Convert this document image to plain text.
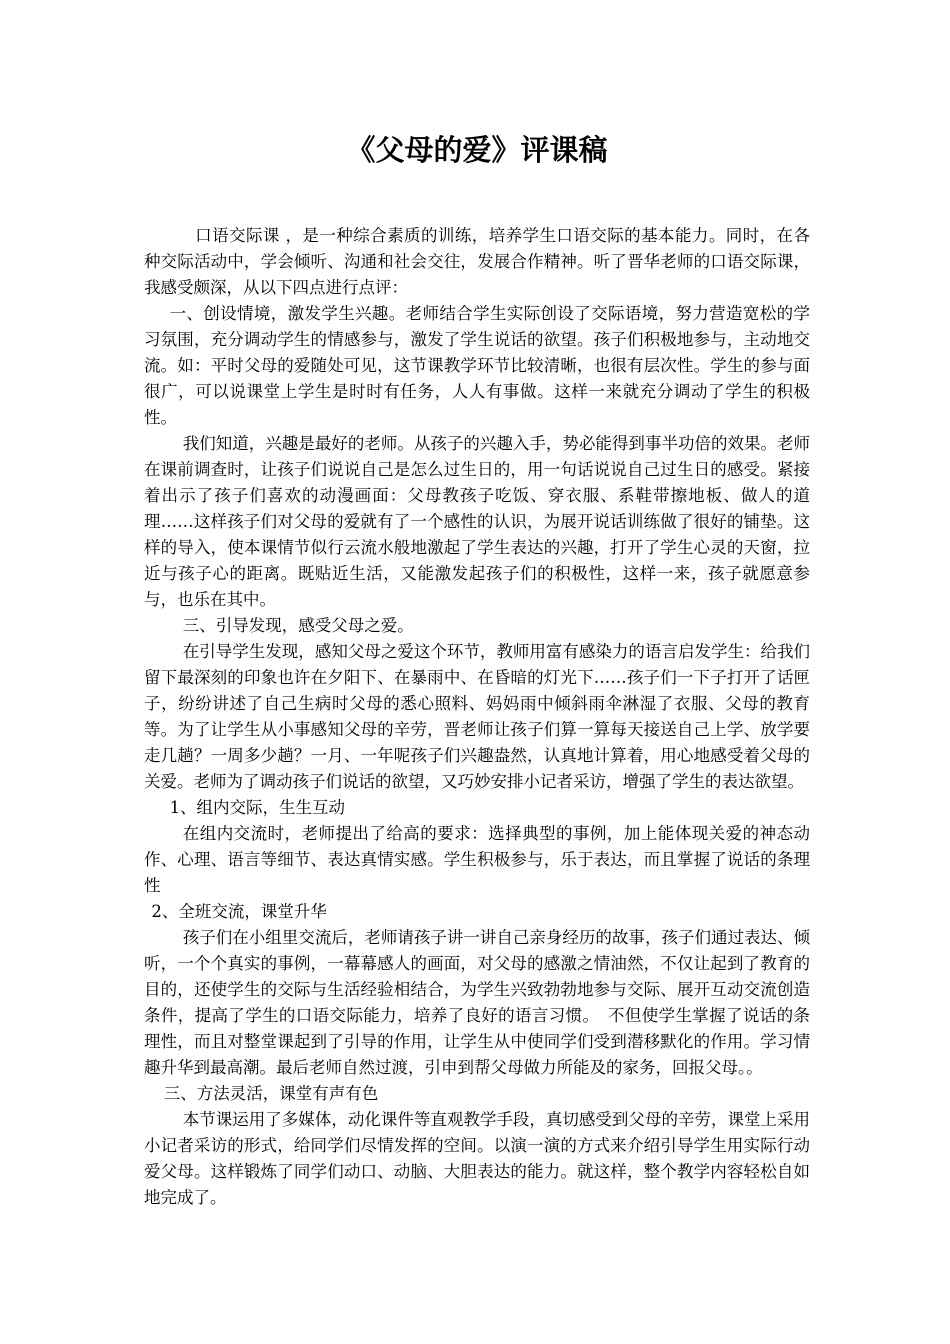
《父母的爱》评课稿

口语交际课 ，是一种综合素质的训练，培养学生口语交际的基本能力。同时，在各种交际活动中，学会倾听、沟通和社会交往，发展合作精神。听了晋华老师的口语交际课，我感受颇深，从以下四点进行点评：

一、创设情境，激发学生兴趣。老师结合学生实际创设了交际语境，努力营造宽松的学习氛围，充分调动学生的情感参与，激发了学生说话的欲望。孩子们积极地参与，主动地交流。如：平时父母的爱随处可见，这节课教学环节比较清晰，也很有层次性。学生的参与面很广，可以说课堂上学生是时时有任务，人人有事做。这样一来就充分调动了学生的积极性。

我们知道，兴趣是最好的老师。从孩子的兴趣入手，势必能得到事半功倍的效果。老师在课前调查时，让孩子们说说自己是怎么过生日的，用一句话说说自己过生日的感受。紧接着出示了孩子们喜欢的动漫画面：父母教孩子吃饭、穿衣服、系鞋带擦地板、做人的道理……这样孩子们对父母的爱就有了一个感性的认识，为展开说话训练做了很好的铺垫。这样的导入，使本课情节似行云流水般地激起了学生表达的兴趣，打开了学生心灵的天窗，拉近与孩子心的距离。既贴近生活，又能激发起孩子们的积极性，这样一来，孩子就愿意参与，也乐在其中。

三、引导发现，感受父母之爱。

在引导学生发现，感知父母之爱这个环节，教师用富有感染力的语言启发学生：给我们留下最深刻的印象也许在夕阳下、在暴雨中、在昏暗的灯光下……孩子们一下子打开了话匣子，纷纷讲述了自己生病时父母的悉心照料、妈妈雨中倾斜雨伞淋湿了衣服、父母的教育等。为了让学生从小事感知父母的辛劳，晋老师让孩子们算一算每天接送自己上学、放学要走几趟？一周多少趟？一月、一年呢孩子们兴趣盎然，认真地计算着，用心地感受着父母的关爱。老师为了调动孩子们说话的欲望，又巧妙安排小记者采访，增强了学生的表达欲望。

1、组内交际，生生互动

在组内交流时，老师提出了给高的要求：选择典型的事例，加上能体现关爱的神态动作、心理、语言等细节、表达真情实感。学生积极参与，乐于表达，而且掌握了说话的条理性

2、全班交流，课堂升华

孩子们在小组里交流后，老师请孩子讲一讲自己亲身经历的故事，孩子们通过表达、倾听，一个个真实的事例，一幕幕感人的画面，对父母的感激之情油然，不仅让起到了教育的目的，还使学生的交际与生活经验相结合，为学生兴致勃勃地参与交际、展开互动交流创造条件，提高了学生的口语交际能力，培养了良好的语言习惯。　不但使学生掌握了说话的条理性，而且对整堂课起到了引导的作用，让学生从中使同学们受到潜移默化的作用。学习情趣升华到最高潮。最后老师自然过渡，引申到帮父母做力所能及的家务，回报父母。。

三、方法灵活，课堂有声有色

本节课运用了多媒体，动化课件等直观教学手段，真切感受到父母的辛劳，课堂上采用小记者采访的形式，给同学们尽情发挥的空间。以演一演的方式来介绍引导学生用实际行动爱父母。这样锻炼了同学们动口、动脑、大胆表达的能力。就这样，整个教学内容轻松自如地完成了。
